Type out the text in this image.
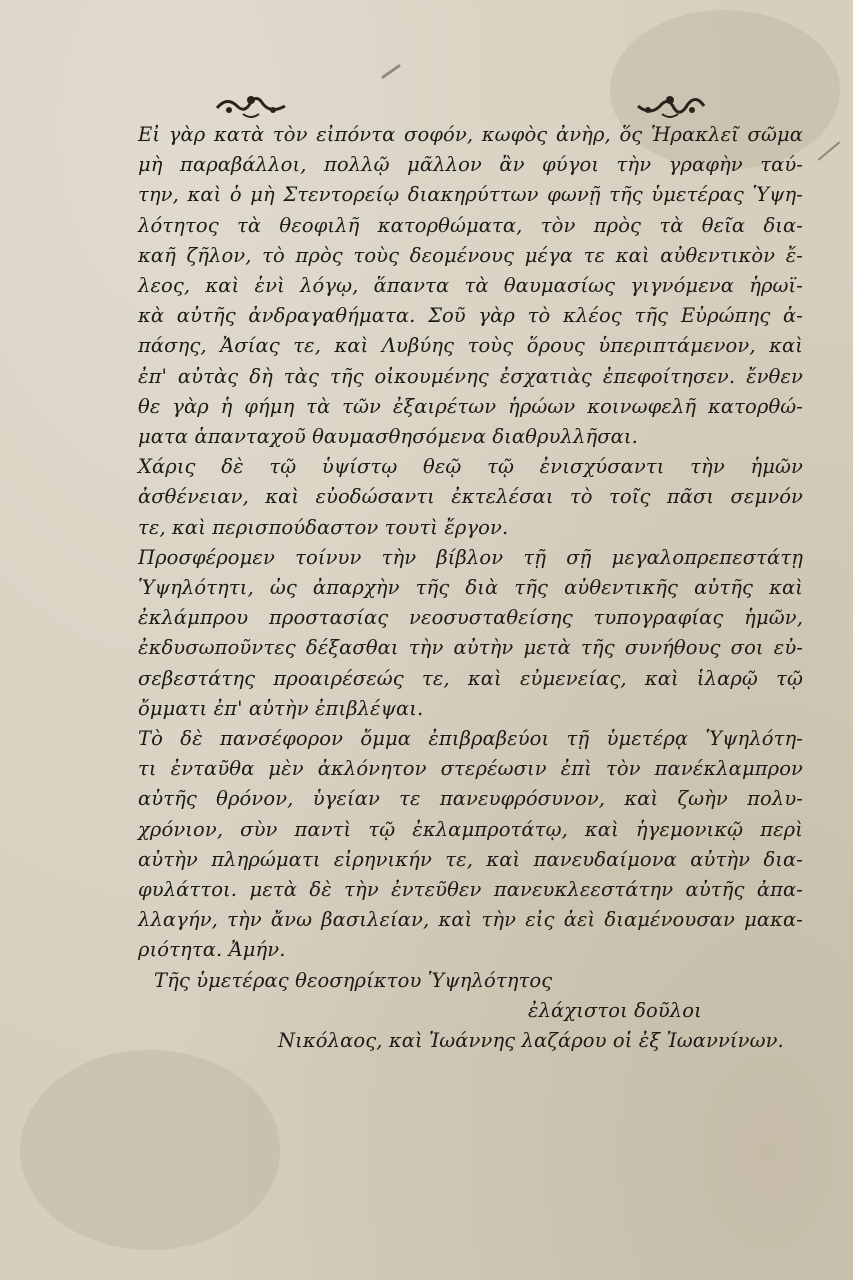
Εἰ γὰρ κατὰ τὸν εἰπόντα σοφόν, κωφὸς ἀνὴρ, ὅς Ἡρακλεῖ σῶμα
μὴ παραβάλλοι, πολλῷ μᾶλλον ἂν φύγοι τὴν γραφὴν ταύ-
την, καὶ ὁ μὴ Στεντορείῳ διακηρύττων φωνῇ τῆς ὑμετέρας Ὑψη-
λότητος τὰ θεοφιλῆ κατορθώματα, τὸν πρὸς τὰ θεῖα δια-
καῆ ζῆλον, τὸ πρὸς τοὺς δεομένους μέγα τε καὶ αὐθεντικὸν ἔ-
λεος, καὶ ἑνὶ λόγῳ, ἅπαντα τὰ θαυμασίως γιγνόμενα ἡρωϊ-
κὰ αὐτῆς ἀνδραγαθήματα. Σοῦ γὰρ τὸ κλέος τῆς Εὐρώπης ἁ-
πάσης, Ἀσίας τε, καὶ Λυβύης τοὺς ὅρους ὑπεριπτάμενον, καὶ
ἐπ' αὐτὰς δὴ τὰς τῆς οἰκουμένης ἐσχατιὰς ἐπεφοίτησεν. ἔνθεν
θε γὰρ ἡ φήμη τὰ τῶν ἐξαιρέτων ἡρώων κοινωφελῆ κατορθώ-
ματα ἁπανταχοῦ θαυμασθησόμενα διαθρυλλῆσαι.
Χάρις δὲ τῷ ὑψίστῳ θεῷ τῷ ἐνισχύσαντι τὴν ἡμῶν
ἀσθένειαν, καὶ εὐοδώσαντι ἐκτελέσαι τὸ τοῖς πᾶσι σεμνόν
τε, καὶ περισπούδαστον τουτὶ ἔργον.
Προσφέρομεν τοίνυν τὴν βίβλον τῇ σῇ μεγαλοπρεπεστάτῃ
Ὑψηλότητι, ὡς ἀπαρχὴν τῆς διὰ τῆς αὐθεντικῆς αὐτῆς καὶ
ἐκλάμπρου προστασίας νεοσυσταθείσης τυπογραφίας ἡμῶν,
ἐκδυσωποῦντες δέξασθαι τὴν αὐτὴν μετὰ τῆς συνήθους σοι εὐ-
σεβεστάτης προαιρέσεώς τε, καὶ εὐμενείας, καὶ ἱλαρῷ τῷ
ὄμματι ἐπ' αὐτὴν ἐπιβλέψαι.
Τὸ δὲ πανσέφορον ὄμμα ἐπιβραβεύοι τῇ ὑμετέρᾳ Ὑψηλότη-
τι ἐνταῦθα μὲν ἀκλόνητον στερέωσιν ἐπὶ τὸν πανέκλαμπρον
αὐτῆς θρόνον, ὑγείαν τε πανευφρόσυνον, καὶ ζωὴν πολυ-
χρόνιον, σὺν παντὶ τῷ ἐκλαμπροτάτῳ, καὶ ἡγεμονικῷ περὶ
αὐτὴν πληρώματι εἰρηνικήν τε, καὶ πανευδαίμονα αὐτὴν δια-
φυλάττοι. μετὰ δὲ τὴν ἐντεῦθεν πανευκλεεστάτην αὐτῆς ἀπα-
λλαγήν, τὴν ἄνω βασιλείαν, καὶ τὴν εἰς ἀεὶ διαμένουσαν μακα-
ριότητα. Ἀμήν.
Τῆς ὑμετέρας θεοσηρίκτου Ὑψηλότητος
ἐλάχιστοι δοῦλοι
Νικόλαος, καὶ Ἰωάννης λαζάρου οἱ ἐξ Ἰωαννίνων.
